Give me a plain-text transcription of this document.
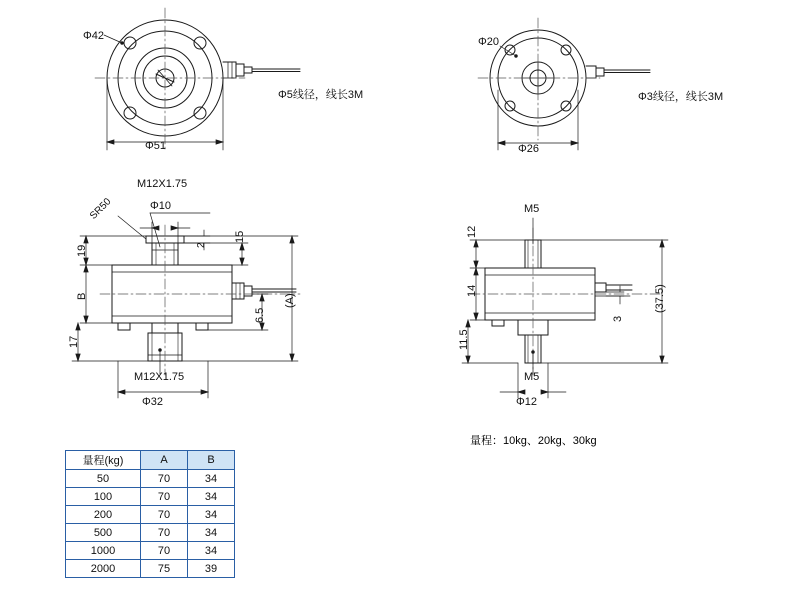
Φ42
Φ51
Φ5线径，线长3M
Φ20
Φ26
Φ3线径，线长3M
SR50
M12X1.75
Φ10
2
15
19
B
17
(A)
6.5
M12X1.75
Φ32
M5
12
14
11.5
(37.5)
3
M5
Φ12
量程：10kg、20kg、30kg
量程(kg)	A	B
50	70	34
100	70	34
200	70	34
500	70	34
1000	70	34
2000	75	39
